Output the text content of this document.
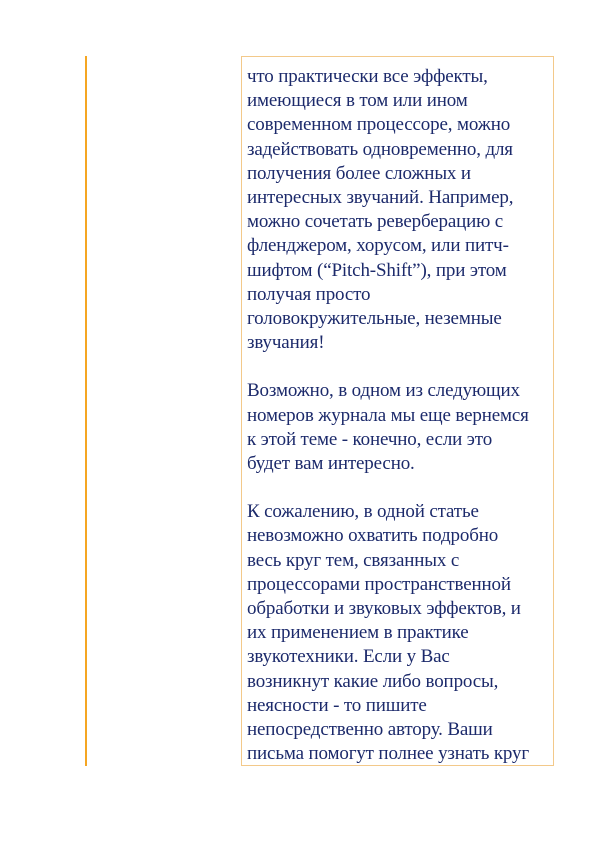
что практически все эффекты,
имеющиеся в том или ином
современном процессоре, можно
задействовать одновременно, для
получения более сложных и
интересных звучаний. Например,
можно сочетать реверберацию с
фленджером, хорусом, или питч-
шифтом (“Pitch-Shift”), при этом
получая просто
головокружительные, неземные
звучания!

Возможно, в одном из следующих
номеров журнала мы еще вернемся
к этой теме - конечно, если это
будет вам интересно.

К сожалению, в одной статье
невозможно охватить подробно
весь круг тем, связанных с
процессорами пространственной
обработки и звуковых эффектов, и
их применением в практике
звукотехники. Если у Вас
возникнут какие либо вопросы,
неясности - то пишите
непосредственно автору. Ваши
письма помогут полнее узнать круг
